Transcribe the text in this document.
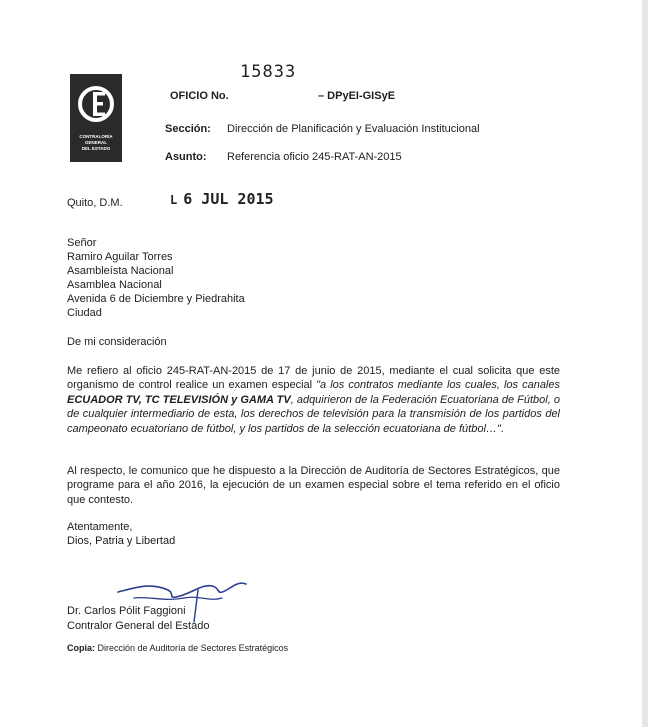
CONTRALORÍA
GENERAL
DEL ESTADO
15833
OFICIO No.	– DPyEI-GISyE
Sección: Dirección de Planificación y Evaluación Institucional
Asunto: Referencia oficio 245-RAT-AN-2015
Quito, D.M.	L 6 JUL 2015
Señor
Ramiro Aguilar Torres
Asambleísta Nacional
Asamblea Nacional
Avenida 6 de Diciembre y Piedrahita
Ciudad
De mi consideración
Me refiero al oficio 245-RAT-AN-2015 de 17 de junio de 2015, mediante el cual solicita que este organismo de control realice un examen especial "a los contratos mediante los cuales, los canales ECUADOR TV, TC TELEVISIÓN y GAMA TV, adquirieron de la Federación Ecuatoriana de Fútbol, o de cualquier intermediario de esta, los derechos de televisión para la transmisión de los partidos del campeonato ecuatoriano de fútbol, y los partidos de la selección ecuatoriana de fútbol…".
Al respecto, le comunico que he dispuesto a la Dirección de Auditoría de Sectores Estratégicos, que programe para el año 2016, la ejecución de un examen especial sobre el tema referido en el oficio que contesto.
Atentamente,
Dios, Patria y Libertad
Dr. Carlos Pólit Faggioni
Contralor General del Estado
Copia: Dirección de Auditoría de Sectores Estratégicos
